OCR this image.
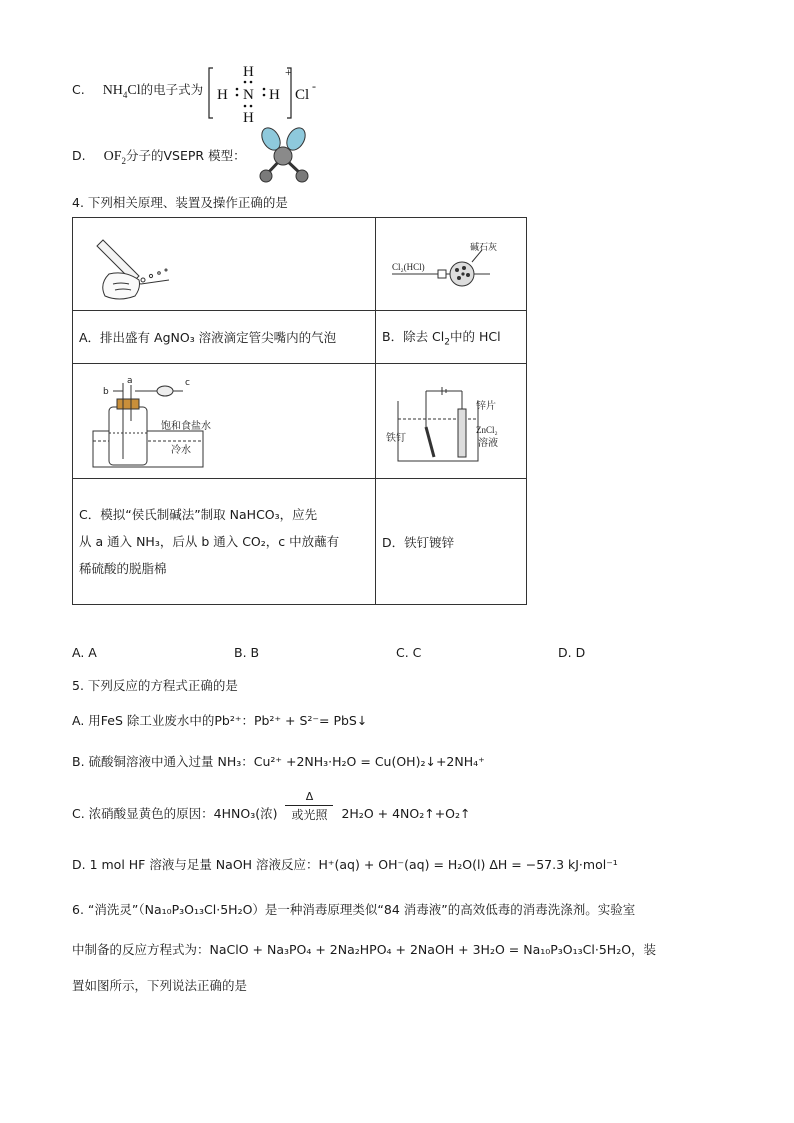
C. $NH_4Cl$的电子式为
H
H N H
H
+
Cl
-
D. $OF_2$分子的VSEPR 模型：
4. 下列相关原理、装置及操作正确的是

Cl₂(HCl)
碱石灰

A．排出盛有 AgNO₃ 溶液滴定管尖嘴内的气泡	B．除去 $Cl_2$中的 HCl

a
b
c
饱和食盐水
冷水	锌片
铁钉
ZnCl₂
溶液

C．模拟“侯氏制碱法”制取 NaHCO₃，应先
从 a 通入 NH₃，后从 b 通入 CO₂，c 中放蘸有
稀硫酸的脱脂棉	D．铁钉镀锌
A. A	B. B	C. C	D. D
5. 下列反应的方程式正确的是
A. 用FeS 除工业废水中的Pb²⁺：Pb²⁺ + S²⁻= PbS↓
B. 硫酸铜溶液中通入过量 NH₃：Cu²⁺ +2NH₃·H₂O = Cu(OH)₂↓+2NH₄⁺
C. 浓硝酸显黄色的原因：4HNO₃(浓)
Δ
或光照	2H₂O + 4NO₂↑+O₂↑
D. 1 mol HF 溶液与足量 NaOH 溶液反应：H⁺(aq) + OH⁻(aq) = H₂O(l) ΔH = −57.3 kJ·mol⁻¹
6. “消洗灵”（Na₁₀P₃O₁₃Cl·5H₂O）是一种消毒原理类似“84 消毒液”的高效低毒的消毒洗涤剂。实验室
中制备的反应方程式为：NaClO + Na₃PO₄ + 2Na₂HPO₄ + 2NaOH + 3H₂O = Na₁₀P₃O₁₃Cl·5H₂O，装
置如图所示，下列说法正确的是
